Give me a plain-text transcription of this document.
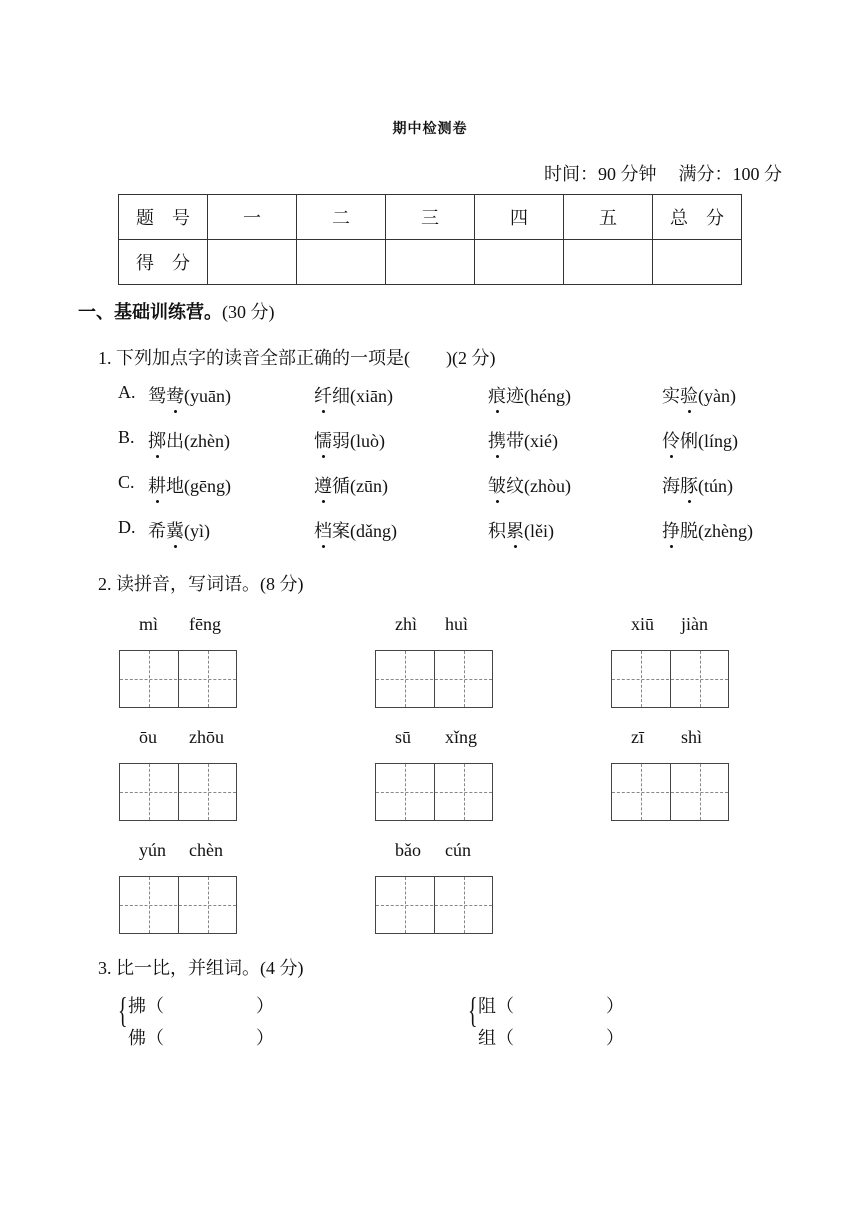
期中检测卷
时间：90 分钟 满分：100 分
题　号	一	二	三	四	五	总　分
得　分						
一、基础训练营。(30 分)
1. 下列加点字的读音全部正确的一项是(　　)(2 分)
A. 鸳鸯(yuān)	纤细(xiān)	痕迹(héng)	实验(yàn)
B. 掷出(zhèn)	懦弱(luò)	携带(xié)	伶俐(líng)
C. 耕地(gēng)	遵循(zūn)	皱纹(zhòu)	海豚(tún)
D. 希冀(yì)	档案(dǎng)	积累(lěi)	挣脱(zhèng)
2. 读拼音，写词语。(8 分)
mì fēng	zhì huì	xiū jiàn
ōu zhōu	sū xǐng	zī shì
yún chèn	bǎo cún
3. 比一比，并组词。(4 分)
{ 拂（	）
佛（	）
{ 阻（	）
组（	）
